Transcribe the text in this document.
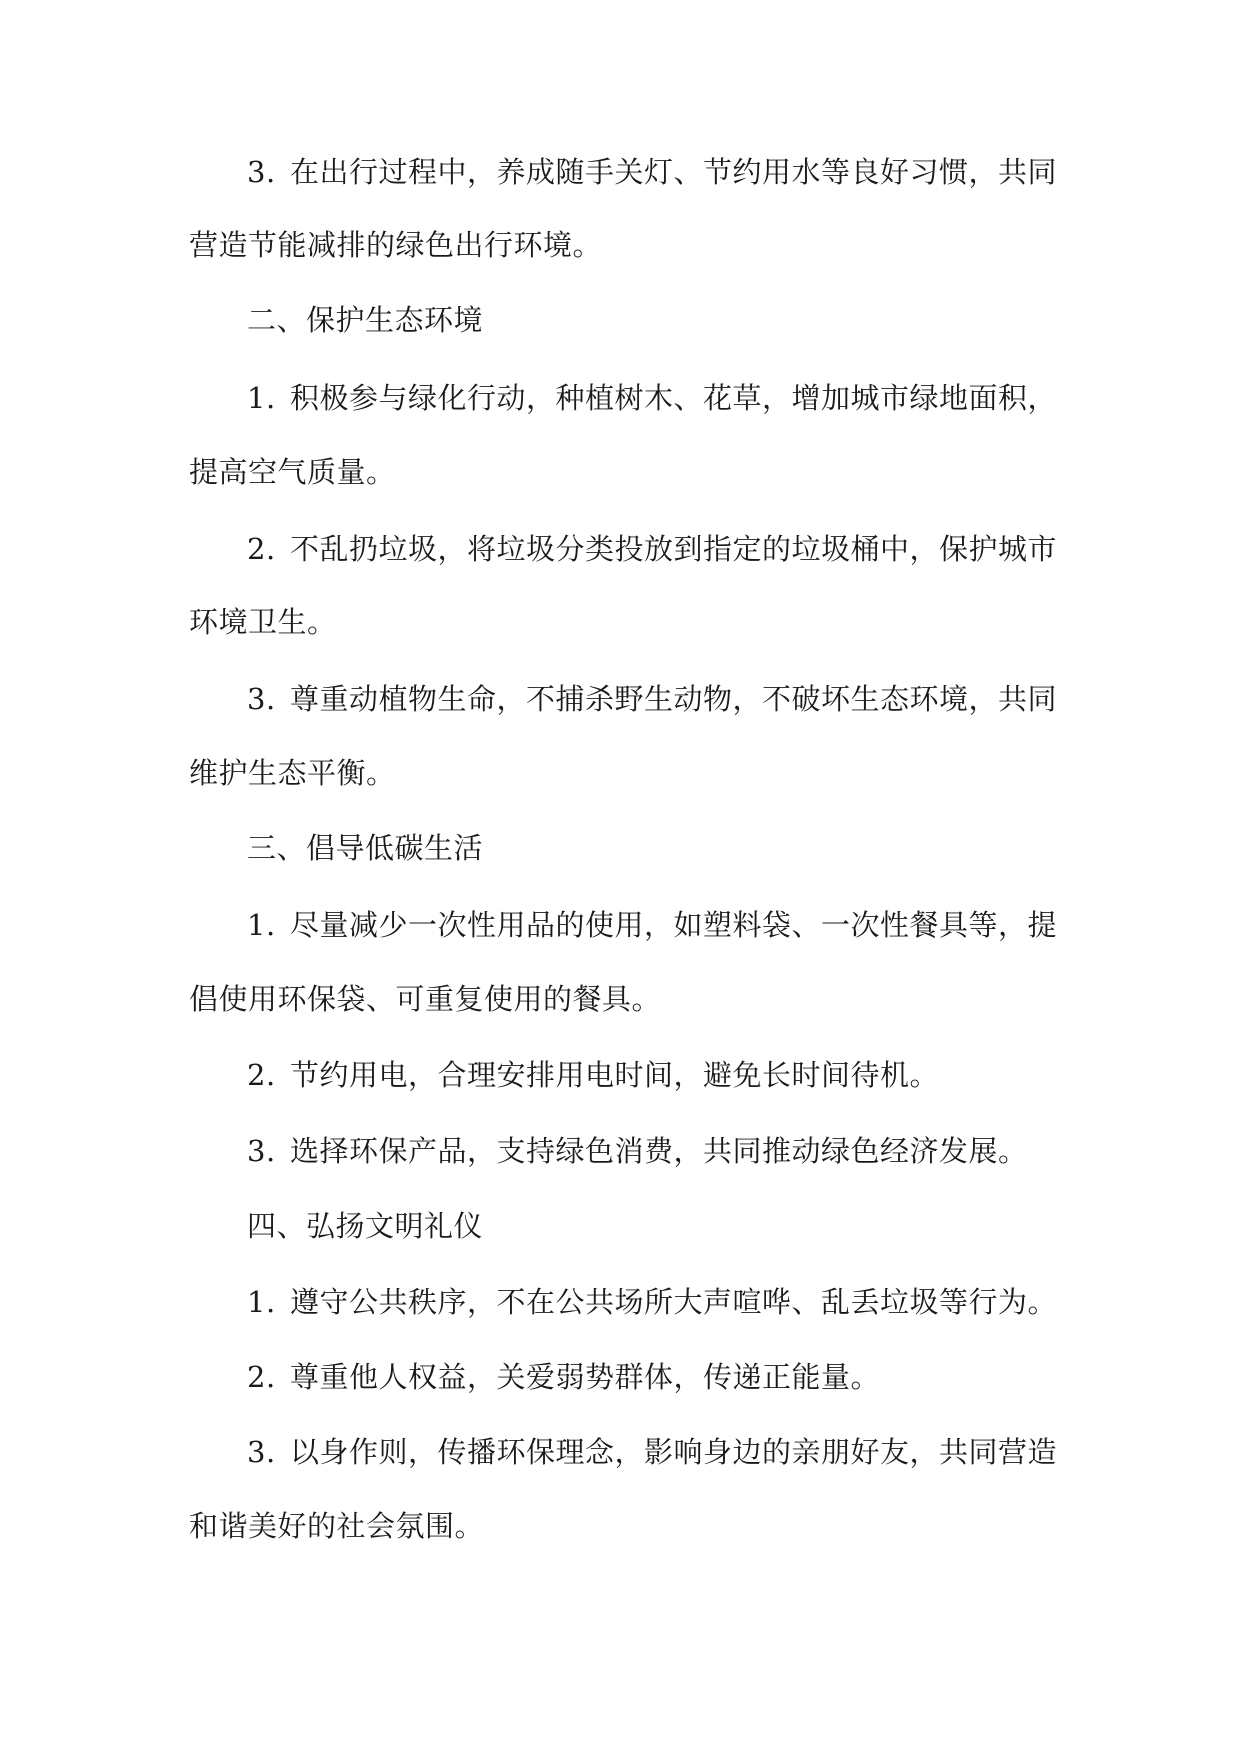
3. 在出行过程中，养成随手关灯、节约用水等良好习惯，共同
营造节能减排的绿色出行环境。
二、保护生态环境
1. 积极参与绿化行动，种植树木、花草，增加城市绿地面积，
提高空气质量。
2. 不乱扔垃圾，将垃圾分类投放到指定的垃圾桶中，保护城市
环境卫生。
3. 尊重动植物生命，不捕杀野生动物，不破坏生态环境，共同
维护生态平衡。
三、倡导低碳生活
1. 尽量减少一次性用品的使用，如塑料袋、一次性餐具等，提
倡使用环保袋、可重复使用的餐具。
2. 节约用电，合理安排用电时间，避免长时间待机。
3. 选择环保产品，支持绿色消费，共同推动绿色经济发展。
四、弘扬文明礼仪
1. 遵守公共秩序，不在公共场所大声喧哗、乱丢垃圾等行为。
2. 尊重他人权益，关爱弱势群体，传递正能量。
3. 以身作则，传播环保理念，影响身边的亲朋好友，共同营造
和谐美好的社会氛围。
